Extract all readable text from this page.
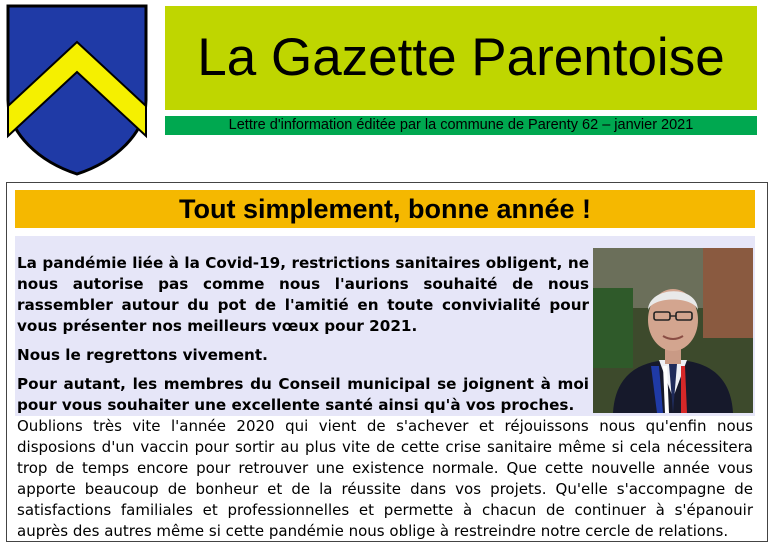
La Gazette Parentoise
Lettre d'information éditée par la commune de Parenty 62 – janvier 2021
Tout simplement, bonne année !

La pandémie liée à la Covid-19, restrictions sanitaires obligent, ne nous autorise pas comme nous l'aurions souhaité de nous rassembler autour du pot de l'amitié en toute convivialité pour vous présenter nos meilleurs vœux pour 2021.

Nous le regrettons vivement.

Pour autant, les membres du Conseil municipal se joignent à moi pour vous souhaiter une excellente santé ainsi qu'à vos proches.

Oublions très vite l'année 2020 qui vient de s'achever et réjouissons nous qu'enfin nous disposions d'un vaccin pour sortir au plus vite de cette crise sanitaire même si cela nécessitera trop de temps encore pour retrouver une existence normale. Que cette nouvelle année vous apporte beaucoup de bonheur et de la réussite dans vos projets. Qu'elle s'accompagne de satisfactions familiales et professionnelles et permette à chacun de continuer à s'épanouir auprès des autres même si cette pandémie nous oblige à restreindre notre cercle de relations.
